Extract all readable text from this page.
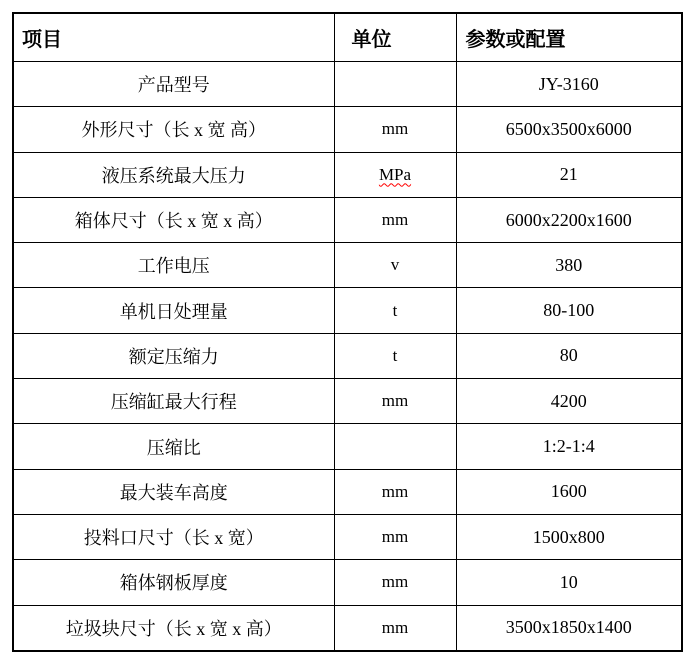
项目	单位	参数或配置
产品型号		JY-3160
外形尺寸（长 x 宽 高）	mm	6500x3500x6000
液压系统最大压力	MPa	21
箱体尺寸（长 x 宽 x 高）	mm	6000x2200x1600
工作电压	v	380
单机日处理量	t	80-100
额定压缩力	t	80
压缩缸最大行程	mm	4200
压缩比		1:2-1:4
最大装车高度	mm	1600
投料口尺寸（长 x 宽）	mm	1500x800
箱体钢板厚度	mm	10
垃圾块尺寸（长 x 宽 x 高）	mm	3500x1850x1400
